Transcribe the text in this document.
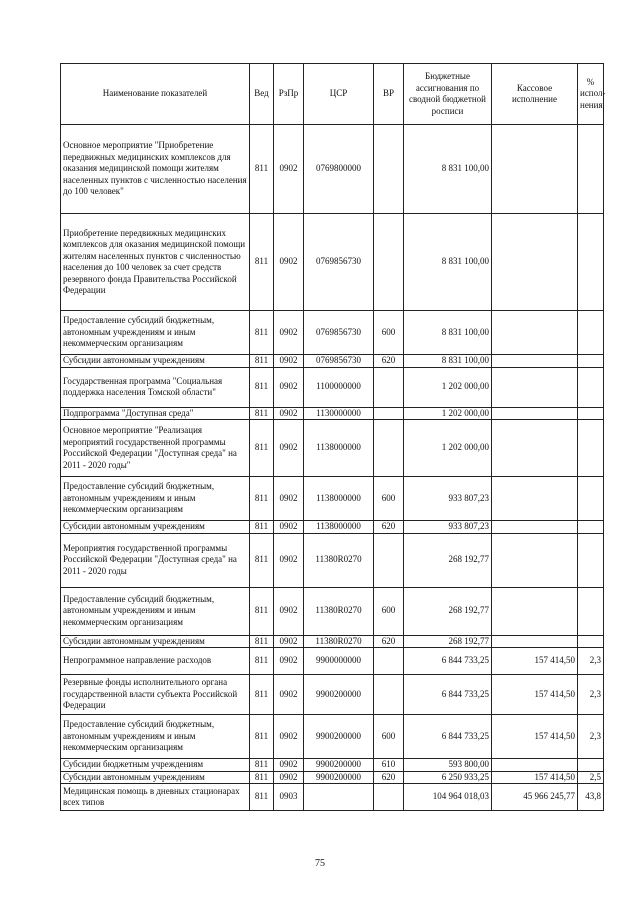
Наименование показателей	Вед	РзПр	ЦСР	ВР	Бюджетные ассигнования по сводной бюджетной росписи	Кассовое исполнение	% испол-нения
Основное мероприятие "Приобретение передвижных медицинских комплексов для оказания медицинской помощи жителям населенных пунктов с численностью населения до 100 человек"	811	0902	0769800000		8 831 100,00		
Приобретение передвижных медицинских комплексов для оказания медицинской помощи жителям населенных пунктов с численностью населения до 100 человек за счет средств резервного фонда Правительства Российской Федерации	811	0902	0769856730		8 831 100,00		
Предоставление субсидий бюджетным, автономным учреждениям и иным некоммерческим организациям	811	0902	0769856730	600	8 831 100,00		
Субсидии автономным учреждениям	811	0902	0769856730	620	8 831 100,00		
Государственная программа "Социальная поддержка населения Томской области"	811	0902	1100000000		1 202 000,00		
Подпрограмма "Доступная среда"	811	0902	1130000000		1 202 000,00		
Основное мероприятие "Реализация мероприятий государственной программы Российской Федерации "Доступная среда" на 2011 - 2020 годы"	811	0902	1138000000		1 202 000,00		
Предоставление субсидий бюджетным, автономным учреждениям и иным некоммерческим организациям	811	0902	1138000000	600	933 807,23		
Субсидии автономным учреждениям	811	0902	1138000000	620	933 807,23		
Мероприятия государственной программы Российской Федерации "Доступная среда" на 2011 - 2020 годы	811	0902	11380R0270		268 192,77		
Предоставление субсидий бюджетным, автономным учреждениям и иным некоммерческим организациям	811	0902	11380R0270	600	268 192,77		
Субсидии автономным учреждениям	811	0902	11380R0270	620	268 192,77		
Непрограммное направление расходов	811	0902	9900000000		6 844 733,25	157 414,50	2,3
Резервные фонды исполнительного органа государственной власти субъекта Российской Федерации	811	0902	9900200000		6 844 733,25	157 414,50	2,3
Предоставление субсидий бюджетным, автономным учреждениям и иным некоммерческим организациям	811	0902	9900200000	600	6 844 733,25	157 414,50	2,3
Субсидии бюджетным учреждениям	811	0902	9900200000	610	593 800,00		
Субсидии автономным учреждениям	811	0902	9900200000	620	6 250 933,25	157 414,50	2,5
Медицинская помощь в дневных стационарах всех типов	811	0903			104 964 018,03	45 966 245,77	43,8
75
